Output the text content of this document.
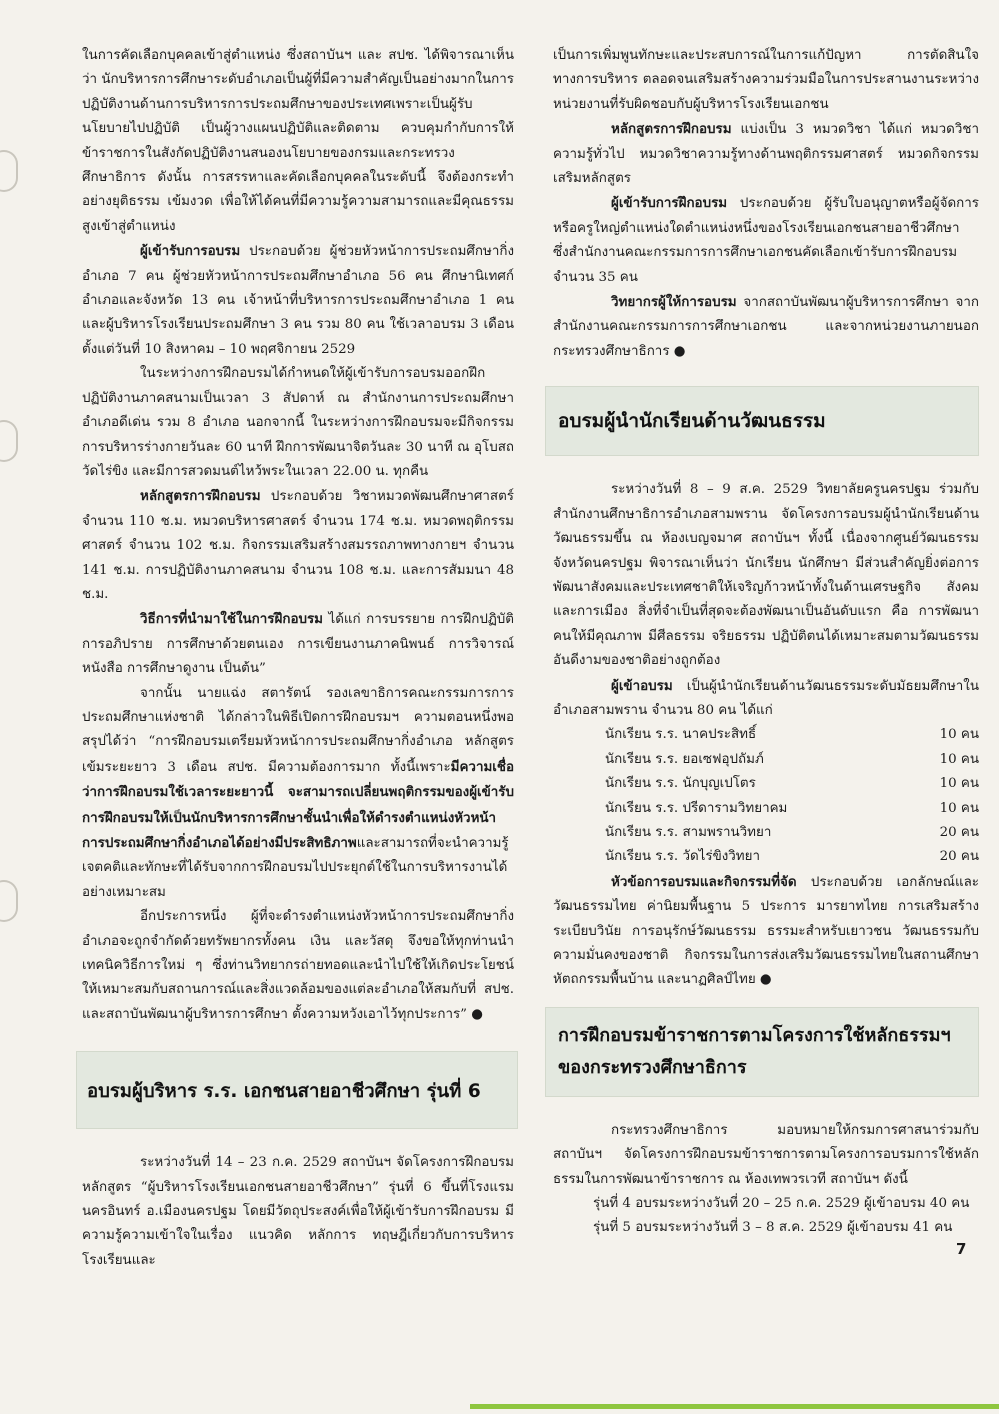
ในการคัดเลือกบุคคลเข้าสู่ตำแหน่ง ซึ่งสถาบันฯ และ สปช. ได้พิจารณาเห็นว่า นักบริหารการศึกษาระดับอำเภอเป็นผู้ที่มีความสำคัญเป็นอย่างมากในการปฏิบัติงานด้านการบริหารการประถมศึกษาของประเทศเพราะเป็นผู้รับนโยบายไปปฏิบัติ เป็นผู้วางแผนปฏิบัติและติดตาม ควบคุมกำกับการให้ข้าราชการในสังกัดปฏิบัติงานสนองนโยบายของกรมและกระทรวงศึกษาธิการ ดังนั้น การสรรหาและคัดเลือกบุคคลในระดับนี้ จึงต้องกระทำอย่างยุติธรรม เข้มงวด เพื่อให้ได้คนที่มีความรู้ความสามารถและมีคุณธรรมสูงเข้าสู่ตำแหน่ง

ผู้เข้ารับการอบรม ประกอบด้วย ผู้ช่วยหัวหน้าการประถมศึกษากิ่งอำเภอ 7 คน ผู้ช่วยหัวหน้าการประถมศึกษาอำเภอ 56 คน ศึกษานิเทศก์อำเภอและจังหวัด 13 คน เจ้าหน้าที่บริหารการประถมศึกษาอำเภอ 1 คน และผู้บริหารโรงเรียนประถมศึกษา 3 คน รวม 80 คน ใช้เวลาอบรม 3 เดือน ตั้งแต่วันที่ 10 สิงหาคม – 10 พฤศจิกายน 2529

ในระหว่างการฝึกอบรมได้กำหนดให้ผู้เข้ารับการอบรมออกฝึกปฏิบัติงานภาคสนามเป็นเวลา 3 สัปดาห์ ณ สำนักงานการประถมศึกษาอำเภอดีเด่น รวม 8 อำเภอ นอกจากนี้ ในระหว่างการฝึกอบรมจะมีกิจกรรมการบริหารร่างกายวันละ 60 นาที ฝึกการพัฒนาจิตวันละ 30 นาที ณ อุโบสถวัดไร่ขิง และมีการสวดมนต์ไหว้พระในเวลา 22.00 น. ทุกคืน

หลักสูตรการฝึกอบรม ประกอบด้วย วิชาหมวดพัฒนศึกษาศาสตร์ จำนวน 110 ช.ม. หมวดบริหารศาสตร์ จำนวน 174 ช.ม. หมวดพฤติกรรมศาสตร์ จำนวน 102 ช.ม. กิจกรรมเสริมสร้างสมรรถภาพทางกายฯ จำนวน 141 ช.ม. การปฏิบัติงานภาคสนาม จำนวน 108 ช.ม. และการสัมมนา 48 ช.ม.

วิธีการที่นำมาใช้ในการฝึกอบรม ได้แก่ การบรรยาย การฝึกปฏิบัติ การอภิปราย การศึกษาด้วยตนเอง การเขียนงานภาคนิพนธ์ การวิจารณ์หนังสือ การศึกษาดูงาน เป็นต้น”

จากนั้น นายแฉ่ง สตารัตน์ รองเลขาธิการคณะกรรมการการประถมศึกษาแห่งชาติ ได้กล่าวในพิธีเปิดการฝึกอบรมฯ ความตอนหนึ่งพอสรุปได้ว่า “การฝึกอบรมเตรียมหัวหน้าการประถมศึกษากิ่งอำเภอ หลักสูตรเข้มระยะยาว 3 เดือน สปช. มีความต้องการมาก ทั้งนี้เพราะมีความเชื่อว่าการฝึกอบรมใช้เวลาระยะยาวนี้ จะสามารถเปลี่ยนพฤติกรรมของผู้เข้ารับการฝึกอบรมให้เป็นนักบริหารการศึกษาชั้นนำเพื่อให้ดำรงตำแหน่งหัวหน้าการประถมศึกษากิ่งอำเภอได้อย่างมีประสิทธิภาพและสามารถที่จะนำความรู้ เจตคติและทักษะที่ได้รับจากการฝึกอบรมไปประยุกต์ใช้ในการบริหารงานได้อย่างเหมาะสม

อีกประการหนึ่ง ผู้ที่จะดำรงตำแหน่งหัวหน้าการประถมศึกษากิ่งอำเภอจะถูกจำกัดด้วยทรัพยากรทั้งคน เงิน และวัสดุ จึงขอให้ทุกท่านนำเทคนิควิธีการใหม่ ๆ ซึ่งท่านวิทยากรถ่ายทอดและนำไปใช้ให้เกิดประโยชน์ให้เหมาะสมกับสถานการณ์และสิ่งแวดล้อมของแต่ละอำเภอให้สมกับที่ สปช. และสถาบันพัฒนาผู้บริหารการศึกษา ตั้งความหวังเอาไว้ทุกประการ” ●

อบรมผู้บริหาร ร.ร. เอกชนสายอาชีวศึกษา รุ่นที่ 6

ระหว่างวันที่ 14 – 23 ก.ค. 2529 สถาบันฯ จัดโครงการฝึกอบรมหลักสูตร “ผู้บริหารโรงเรียนเอกชนสายอาชีวศึกษา” รุ่นที่ 6 ขึ้นที่โรงแรมนครอินทร์ อ.เมืองนครปฐม โดยมีวัตถุประสงค์เพื่อให้ผู้เข้ารับการฝึกอบรม มีความรู้ความเข้าใจในเรื่อง แนวคิด หลักการ ทฤษฎีเกี่ยวกับการบริหารโรงเรียนและ

เป็นการเพิ่มพูนทักษะและประสบการณ์ในการแก้ปัญหา การตัดสินใจทางการบริหาร ตลอดจนเสริมสร้างความร่วมมือในการประสานงานระหว่างหน่วยงานที่รับผิดชอบกับผู้บริหารโรงเรียนเอกชน

หลักสูตรการฝึกอบรม แบ่งเป็น 3 หมวดวิชา ได้แก่ หมวดวิชาความรู้ทั่วไป หมวดวิชาความรู้ทางด้านพฤติกรรมศาสตร์ หมวดกิจกรรมเสริมหลักสูตร

ผู้เข้ารับการฝึกอบรม ประกอบด้วย ผู้รับใบอนุญาตหรือผู้จัดการหรือครูใหญ่ตำแหน่งใดตำแหน่งหนึ่งของโรงเรียนเอกชนสายอาชีวศึกษา ซึ่งสำนักงานคณะกรรมการการศึกษาเอกชนคัดเลือกเข้ารับการฝึกอบรม จำนวน 35 คน

วิทยากรผู้ให้การอบรม จากสถาบันพัฒนาผู้บริหารการศึกษา จากสำนักงานคณะกรรมการการศึกษาเอกชน และจากหน่วยงานภายนอกกระทรวงศึกษาธิการ ●

อบรมผู้นำนักเรียนด้านวัฒนธรรม

ระหว่างวันที่ 8 – 9 ส.ค. 2529 วิทยาลัยครูนครปฐม ร่วมกับสำนักงานศึกษาธิการอำเภอสามพราน จัดโครงการอบรมผู้นำนักเรียนด้านวัฒนธรรมขึ้น ณ ห้องเบญจมาศ สถาบันฯ ทั้งนี้ เนื่องจากศูนย์วัฒนธรรมจังหวัดนครปฐม พิจารณาเห็นว่า นักเรียน นักศึกษา มีส่วนสำคัญยิ่งต่อการพัฒนาสังคมและประเทศชาติให้เจริญก้าวหน้าทั้งในด้านเศรษฐกิจ สังคมและการเมือง สิ่งที่จำเป็นที่สุดจะต้องพัฒนาเป็นอันดับแรก คือ การพัฒนาคนให้มีคุณภาพ มีศีลธรรม จริยธรรม ปฏิบัติตนได้เหมาะสมตามวัฒนธรรมอันดีงามของชาติอย่างถูกต้อง

ผู้เข้าอบรม เป็นผู้นำนักเรียนด้านวัฒนธรรมระดับมัธยมศึกษาในอำเภอสามพราน จำนวน 80 คน ได้แก่

นักเรียน ร.ร. นาคประสิทธิ์	10 คน
นักเรียน ร.ร. ยอเซฟอุปถัมภ์	10 คน
นักเรียน ร.ร. นักบุญเปโตร	10 คน
นักเรียน ร.ร. ปรีดารามวิทยาคม	10 คน
นักเรียน ร.ร. สามพรานวิทยา	20 คน
นักเรียน ร.ร. วัดไร่ขิงวิทยา	20 คน

หัวข้อการอบรมและกิจกรรมที่จัด ประกอบด้วย เอกลักษณ์และวัฒนธรรมไทย ค่านิยมพื้นฐาน 5 ประการ มารยาทไทย การเสริมสร้างระเบียบวินัย การอนุรักษ์วัฒนธรรม ธรรมะสำหรับเยาวชน วัฒนธรรมกับความมั่นคงของชาติ กิจกรรมในการส่งเสริมวัฒนธรรมไทยในสถานศึกษา หัตถกรรมพื้นบ้าน และนาฏศิลป์ไทย ●

การฝึกอบรมข้าราชการตามโครงการใช้หลักธรรมฯ
ของกระทรวงศึกษาธิการ

กระทรวงศึกษาธิการ มอบหมายให้กรมการศาสนาร่วมกับสถาบันฯ จัดโครงการฝึกอบรมข้าราชการตามโครงการอบรมการใช้หลักธรรมในการพัฒนาข้าราชการ ณ ห้องเทพวรเวที สถาบันฯ ดังนี้

รุ่นที่ 4 อบรมระหว่างวันที่ 20 – 25 ก.ค. 2529 ผู้เข้าอบรม 40 คน

รุ่นที่ 5 อบรมระหว่างวันที่ 3 – 8 ส.ค. 2529 ผู้เข้าอบรม 41 คน

7
